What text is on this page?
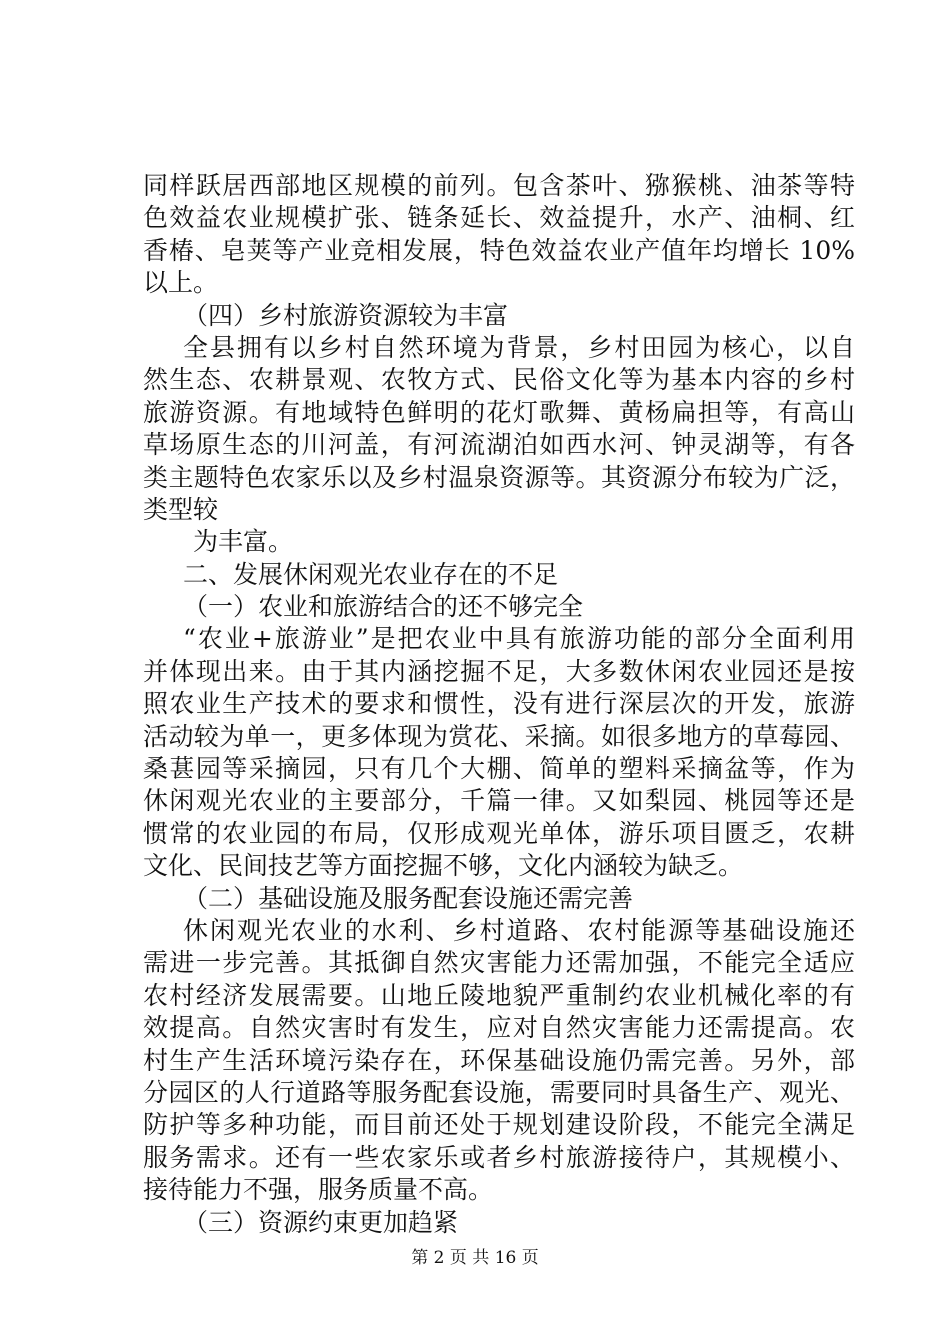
同样跃居西部地区规模的前列。包含茶叶、猕猴桃、油茶等特
色效益农业规模扩张、链条延长、效益提升，水产、油桐、红
香椿、皂荚等产业竞相发展，特色效益农业产值年均增长 10%
以上。
（四）乡村旅游资源较为丰富
全县拥有以乡村自然环境为背景，乡村田园为核心，以自
然生态、农耕景观、农牧方式、民俗文化等为基本内容的乡村
旅游资源。有地域特色鲜明的花灯歌舞、黄杨扁担等，有高山
草场原生态的川河盖，有河流湖泊如西水河、钟灵湖等，有各
类主题特色农家乐以及乡村温泉资源等。其资源分布较为广泛，
类型较
为丰富。
二、发展休闲观光农业存在的不足
（一）农业和旅游结合的还不够完全
“农业+旅游业”是把农业中具有旅游功能的部分全面利用
并体现出来。由于其内涵挖掘不足，大多数休闲农业园还是按
照农业生产技术的要求和惯性，没有进行深层次的开发，旅游
活动较为单一，更多体现为赏花、采摘。如很多地方的草莓园、
桑葚园等采摘园，只有几个大棚、简单的塑料采摘盆等，作为
休闲观光农业的主要部分，千篇一律。又如梨园、桃园等还是
惯常的农业园的布局，仅形成观光单体，游乐项目匮乏，农耕
文化、民间技艺等方面挖掘不够，文化内涵较为缺乏。
（二）基础设施及服务配套设施还需完善
休闲观光农业的水利、乡村道路、农村能源等基础设施还
需进一步完善。其抵御自然灾害能力还需加强，不能完全适应
农村经济发展需要。山地丘陵地貌严重制约农业机械化率的有
效提高。自然灾害时有发生，应对自然灾害能力还需提高。农
村生产生活环境污染存在，环保基础设施仍需完善。另外，部
分园区的人行道路等服务配套设施，需要同时具备生产、观光、
防护等多种功能，而目前还处于规划建设阶段，不能完全满足
服务需求。还有一些农家乐或者乡村旅游接待户，其规模小、
接待能力不强，服务质量不高。
（三）资源约束更加趋紧
第 2 页 共 16 页
